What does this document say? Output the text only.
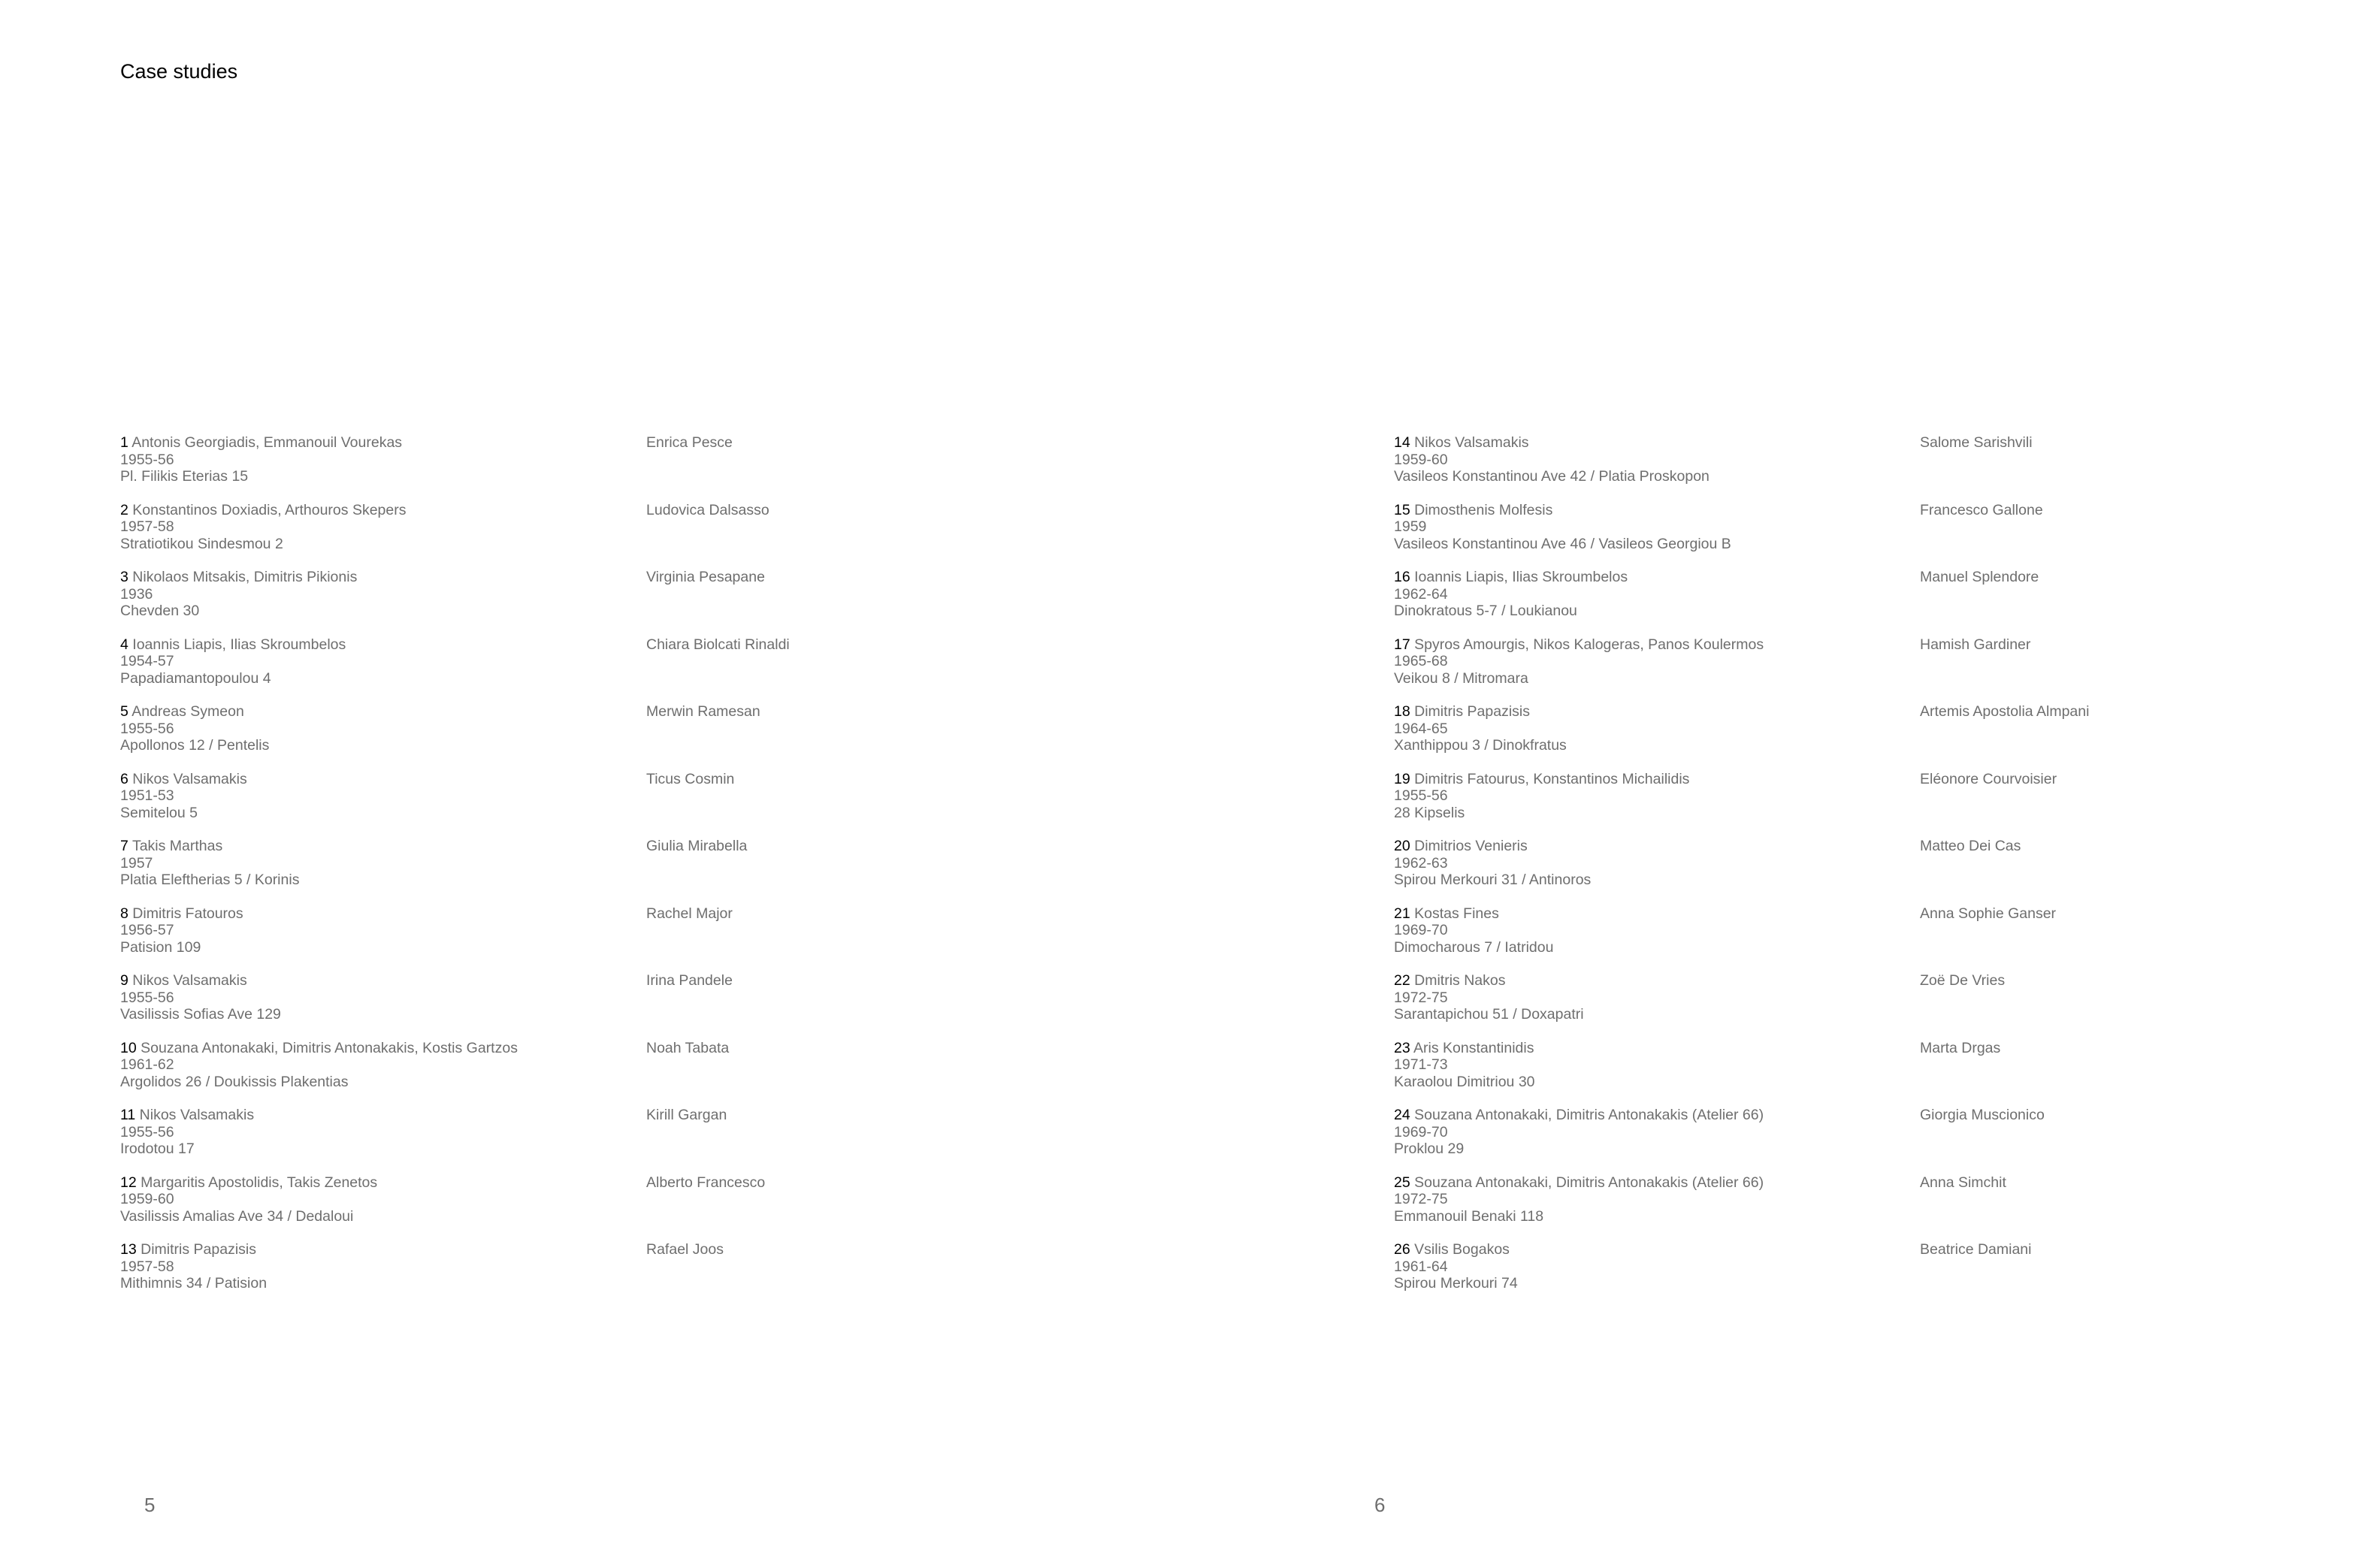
Case studies
1 Antonis Georgiadis, Emmanouil Vourekas
1955-56
Pl. Filikis Eterias 15
Enrica Pesce
2 Konstantinos Doxiadis, Arthouros Skepers
1957-58
Stratiotikou Sindesmou 2
Ludovica Dalsasso
3 Nikolaos Mitsakis, Dimitris Pikionis
1936
Chevden 30
Virginia Pesapane
4 Ioannis Liapis, Ilias Skroumbelos
1954-57
Papadiamantopoulou 4
Chiara Biolcati Rinaldi
5 Andreas Symeon
1955-56
Apollonos 12 / Pentelis
Merwin Ramesan
6 Nikos Valsamakis
1951-53
Semitelou 5
Ticus Cosmin
7 Takis Marthas
1957
Platia Eleftherias 5 / Korinis
Giulia Mirabella
8 Dimitris Fatouros
1956-57
Patision 109
Rachel Major
9 Nikos Valsamakis
1955-56
Vasilissis Sofias Ave 129
Irina Pandele
10 Souzana Antonakaki, Dimitris Antonakakis, Kostis Gartzos
1961-62
Argolidos 26 / Doukissis Plakentias
Noah Tabata
11 Nikos Valsamakis
1955-56
Irodotou 17
Kirill Gargan
12 Margaritis Apostolidis, Takis Zenetos
1959-60
Vasilissis Amalias Ave 34 / Dedaloui
Alberto Francesco
13 Dimitris Papazisis
1957-58
Mithimnis 34 / Patision
Rafael Joos
14 Nikos Valsamakis
1959-60
Vasileos Konstantinou Ave 42 / Platia Proskopon
Salome Sarishvili
15 Dimosthenis Molfesis
1959
Vasileos Konstantinou Ave 46 / Vasileos Georgiou B
Francesco Gallone
16 Ioannis Liapis, Ilias Skroumbelos
1962-64
Dinokratous 5-7 / Loukianou
Manuel Splendore
17 Spyros Amourgis, Nikos Kalogeras, Panos Koulermos
1965-68
Veikou 8 / Mitromara
Hamish Gardiner
18 Dimitris Papazisis
1964-65
Xanthippou 3 / Dinokfratus
Artemis Apostolia Almpani
19 Dimitris Fatourus, Konstantinos Michailidis
1955-56
28 Kipselis
Eléonore Courvoisier
20 Dimitrios Venieris
1962-63
Spirou Merkouri 31 / Antinoros
Matteo Dei Cas
21 Kostas Fines
1969-70
Dimocharous 7 / Iatridou
Anna Sophie Ganser
22 Dmitris Nakos
1972-75
Sarantapichou 51 / Doxapatri
Zoë De Vries
23 Aris Konstantinidis
1971-73
Karaolou Dimitriou 30
Marta Drgas
24 Souzana Antonakaki, Dimitris Antonakakis (Atelier 66)
1969-70
Proklou 29
Giorgia Muscionico
25 Souzana Antonakaki, Dimitris Antonakakis (Atelier 66)
1972-75
Emmanouil Benaki 118
Anna Simchit
26 Vsilis Bogakos
1961-64
Spirou Merkouri 74
Beatrice Damiani
5	6
